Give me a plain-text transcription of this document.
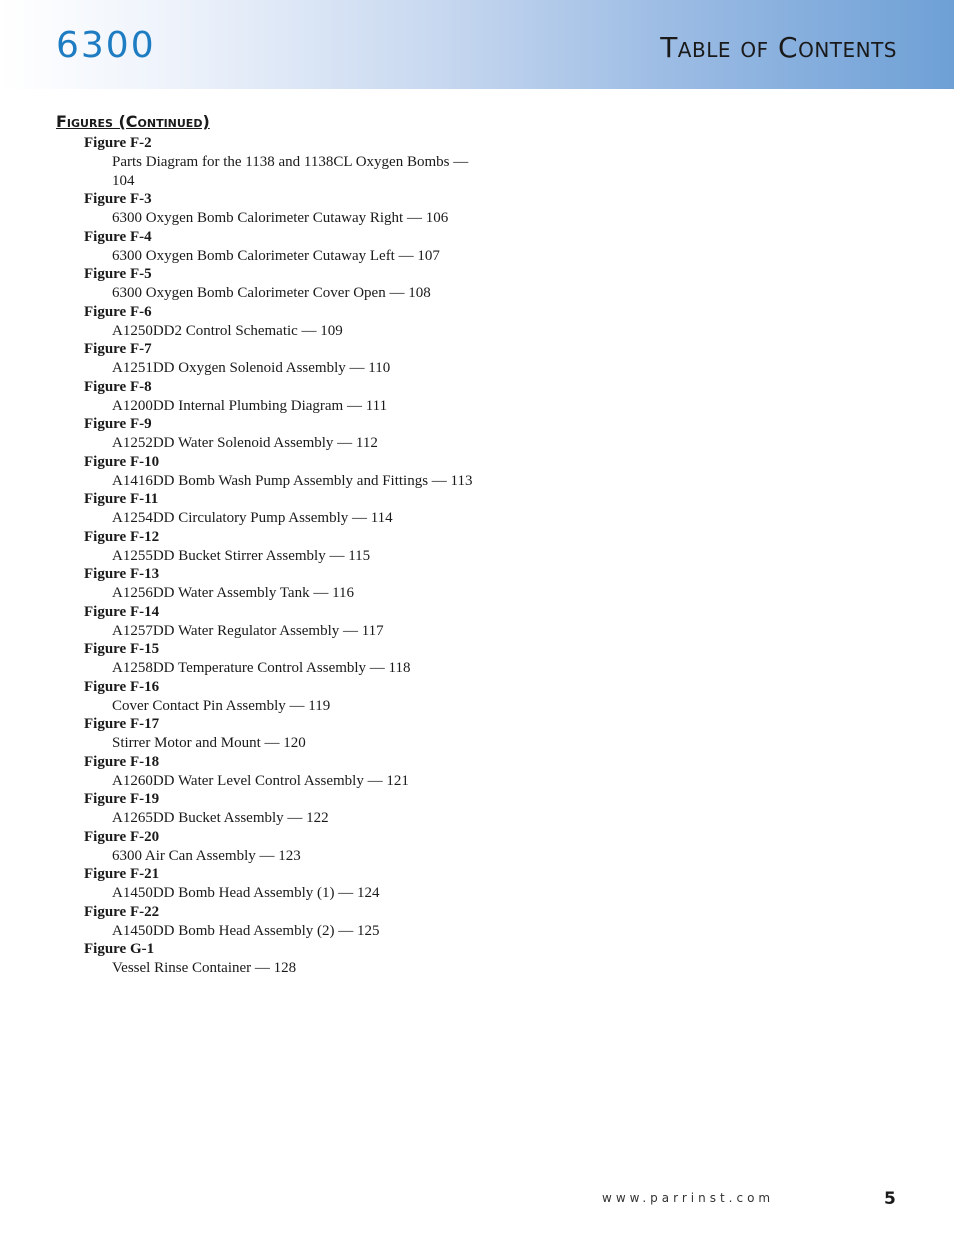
6300	Table of Contents
Figures (Continued)
Figure F-2
Parts Diagram for the 1138 and 1138CL Oxygen Bombs — 104
Figure F-3
6300 Oxygen Bomb Calorimeter Cutaway Right — 106
Figure F-4
6300 Oxygen Bomb Calorimeter Cutaway Left — 107
Figure F-5
6300 Oxygen Bomb Calorimeter Cover Open — 108
Figure F-6
A1250DD2 Control Schematic — 109
Figure F-7
A1251DD Oxygen Solenoid Assembly — 110
Figure F-8
A1200DD Internal Plumbing Diagram — 111
Figure F-9
A1252DD Water Solenoid Assembly — 112
Figure F-10
A1416DD Bomb Wash Pump Assembly and Fittings — 113
Figure F-11
A1254DD Circulatory Pump Assembly — 114
Figure F-12
A1255DD Bucket Stirrer Assembly — 115
Figure F-13
A1256DD Water Assembly Tank — 116
Figure F-14
A1257DD Water Regulator Assembly — 117
Figure F-15
A1258DD Temperature Control Assembly — 118
Figure F-16
Cover Contact Pin Assembly — 119
Figure F-17
Stirrer Motor and Mount — 120
Figure F-18
A1260DD Water Level Control Assembly — 121
Figure F-19
A1265DD Bucket Assembly — 122
Figure F-20
6300 Air Can Assembly — 123
Figure F-21
A1450DD Bomb Head Assembly (1) — 124
Figure F-22
A1450DD Bomb Head Assembly (2) — 125
Figure G-1
Vessel Rinse Container — 128
www.parrinst.com	5
